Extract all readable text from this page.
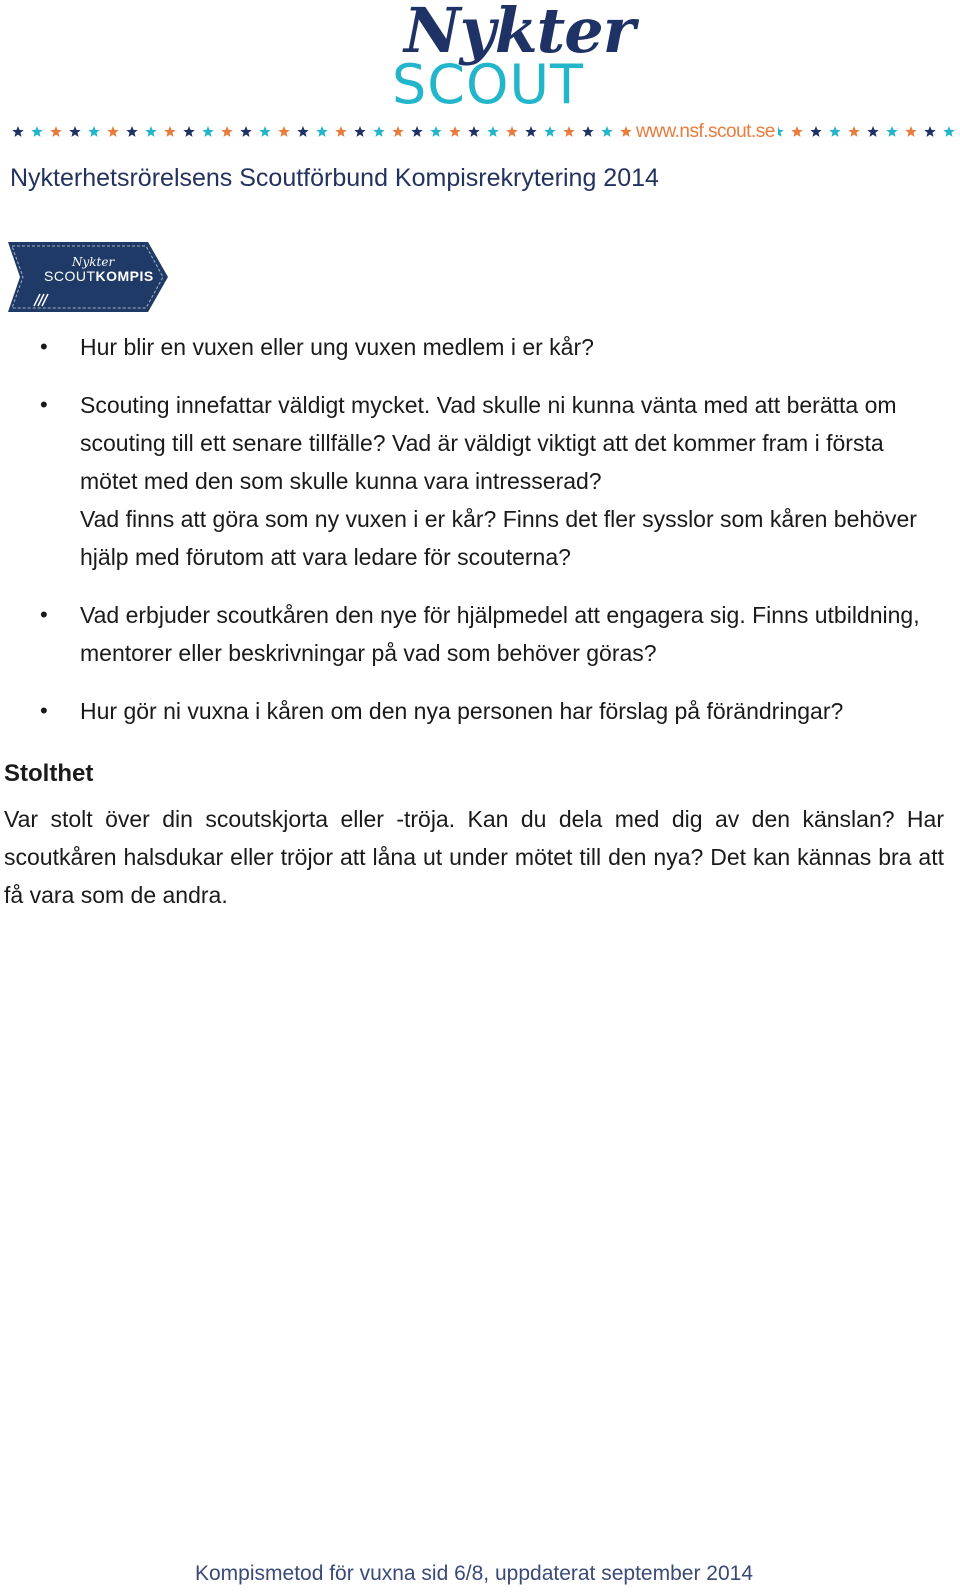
Nykter
SCOUT
www.nsf.scout.se
Nykterhetsrörelsens Scoutförbund Kompisrekrytering 2014
Nykter
SCOUTKOMPIS
• Hur blir en vuxen eller ung vuxen medlem i er kår?
• Scouting innefattar väldigt mycket. Vad skulle ni kunna vänta med att berätta om scouting till ett senare tillfälle? Vad är väldigt viktigt att det kommer fram i första mötet med den som skulle kunna vara intresserad?
Vad finns att göra som ny vuxen i er kår? Finns det fler sysslor som kåren behöver hjälp med förutom att vara ledare för scouterna?
• Vad erbjuder scoutkåren den nye för hjälpmedel att engagera sig. Finns utbildning, mentorer eller beskrivningar på vad som behöver göras?
• Hur gör ni vuxna i kåren om den nya personen har förslag på förändringar?
Stolthet
Var stolt över din scoutskjorta eller -tröja. Kan du dela med dig av den känslan? Har scoutkåren halsdukar eller tröjor att låna ut under mötet till den nya? Det kan kännas bra att få vara som de andra.
Kompismetod för vuxna sid 6/8, uppdaterat september 2014
